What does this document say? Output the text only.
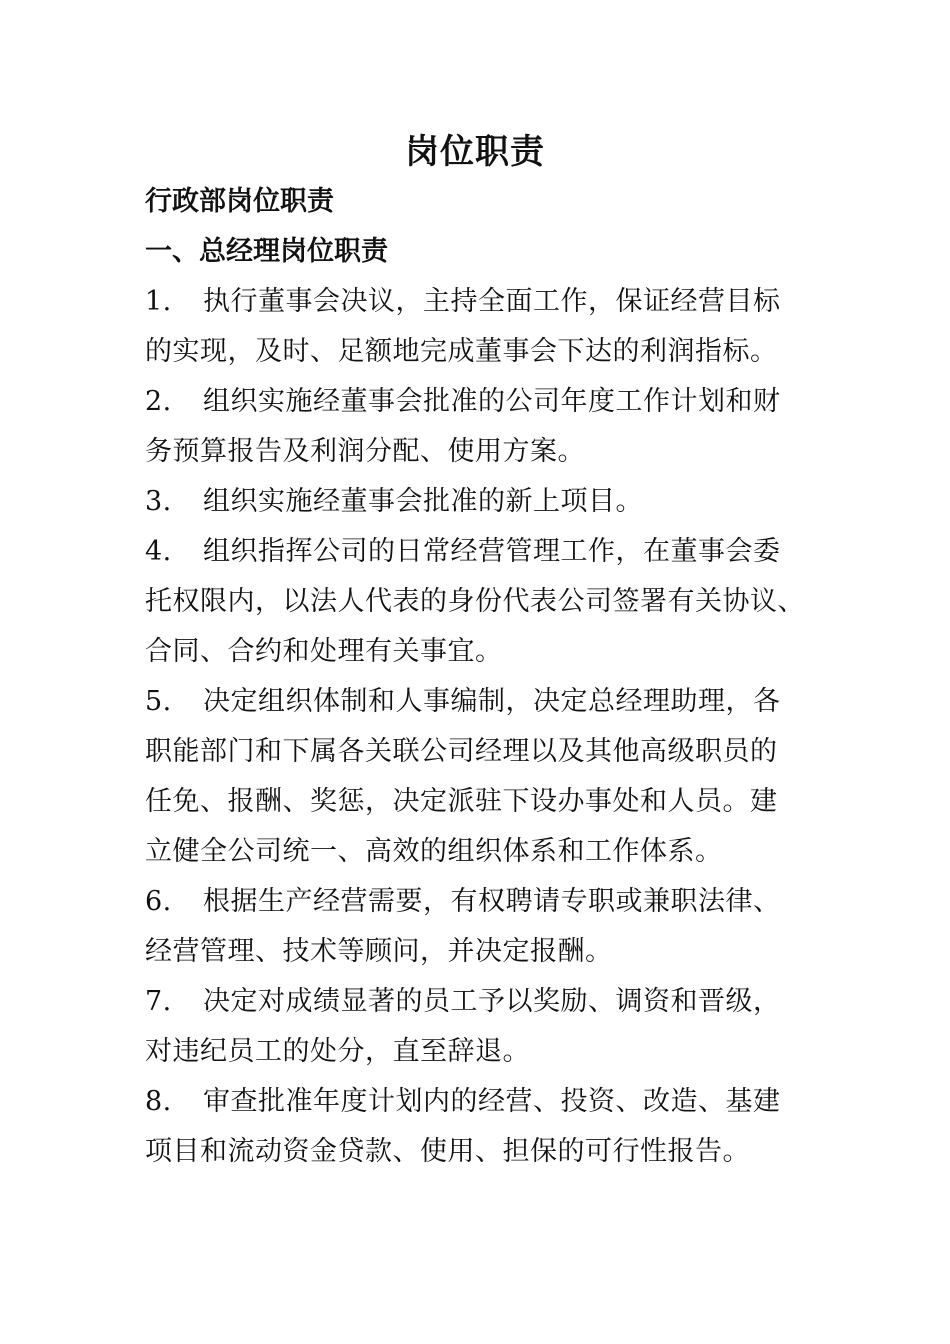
岗位职责
行政部岗位职责
一、总经理岗位职责
1. 执行董事会决议，主持全面工作，保证经营目标
的实现，及时、足额地完成董事会下达的利润指标。
2. 组织实施经董事会批准的公司年度工作计划和财
务预算报告及利润分配、使用方案。
3. 组织实施经董事会批准的新上项目。
4. 组织指挥公司的日常经营管理工作，在董事会委
托权限内，以法人代表的身份代表公司签署有关协议、
合同、合约和处理有关事宜。
5. 决定组织体制和人事编制，决定总经理助理，各
职能部门和下属各关联公司经理以及其他高级职员的
任免、报酬、奖惩，决定派驻下设办事处和人员。建
立健全公司统一、高效的组织体系和工作体系。
6. 根据生产经营需要，有权聘请专职或兼职法律、
经营管理、技术等顾问，并决定报酬。
7. 决定对成绩显著的员工予以奖励、调资和晋级，
对违纪员工的处分，直至辞退。
8. 审查批准年度计划内的经营、投资、改造、基建
项目和流动资金贷款、使用、担保的可行性报告。
